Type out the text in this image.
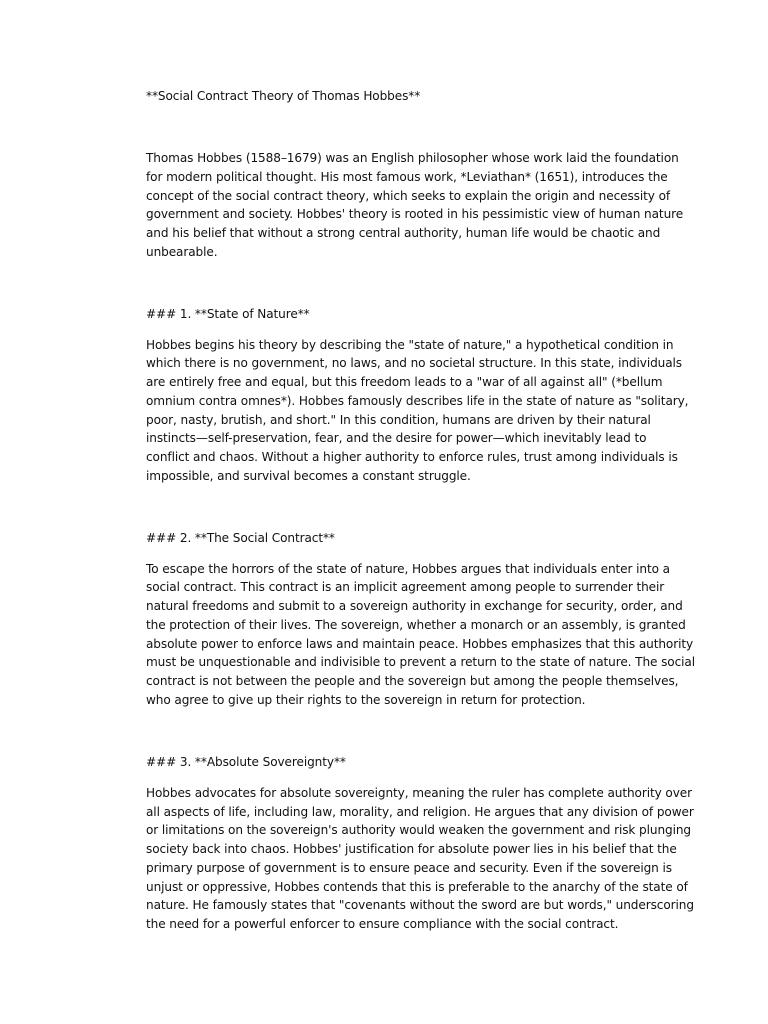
**Social Contract Theory of Thomas Hobbes**
Thomas Hobbes (1588–1679) was an English philosopher whose work laid the foundation
for modern political thought. His most famous work, *Leviathan* (1651), introduces the
concept of the social contract theory, which seeks to explain the origin and necessity of
government and society. Hobbes' theory is rooted in his pessimistic view of human nature
and his belief that without a strong central authority, human life would be chaotic and
unbearable.
### 1. **State of Nature**
Hobbes begins his theory by describing the "state of nature," a hypothetical condition in
which there is no government, no laws, and no societal structure. In this state, individuals
are entirely free and equal, but this freedom leads to a "war of all against all" (*bellum
omnium contra omnes*). Hobbes famously describes life in the state of nature as "solitary,
poor, nasty, brutish, and short." In this condition, humans are driven by their natural
instincts—self-preservation, fear, and the desire for power—which inevitably lead to
conflict and chaos. Without a higher authority to enforce rules, trust among individuals is
impossible, and survival becomes a constant struggle.
### 2. **The Social Contract**
To escape the horrors of the state of nature, Hobbes argues that individuals enter into a
social contract. This contract is an implicit agreement among people to surrender their
natural freedoms and submit to a sovereign authority in exchange for security, order, and
the protection of their lives. The sovereign, whether a monarch or an assembly, is granted
absolute power to enforce laws and maintain peace. Hobbes emphasizes that this authority
must be unquestionable and indivisible to prevent a return to the state of nature. The social
contract is not between the people and the sovereign but among the people themselves,
who agree to give up their rights to the sovereign in return for protection.
### 3. **Absolute Sovereignty**
Hobbes advocates for absolute sovereignty, meaning the ruler has complete authority over
all aspects of life, including law, morality, and religion. He argues that any division of power
or limitations on the sovereign's authority would weaken the government and risk plunging
society back into chaos. Hobbes' justification for absolute power lies in his belief that the
primary purpose of government is to ensure peace and security. Even if the sovereign is
unjust or oppressive, Hobbes contends that this is preferable to the anarchy of the state of
nature. He famously states that "covenants without the sword are but words," underscoring
the need for a powerful enforcer to ensure compliance with the social contract.
